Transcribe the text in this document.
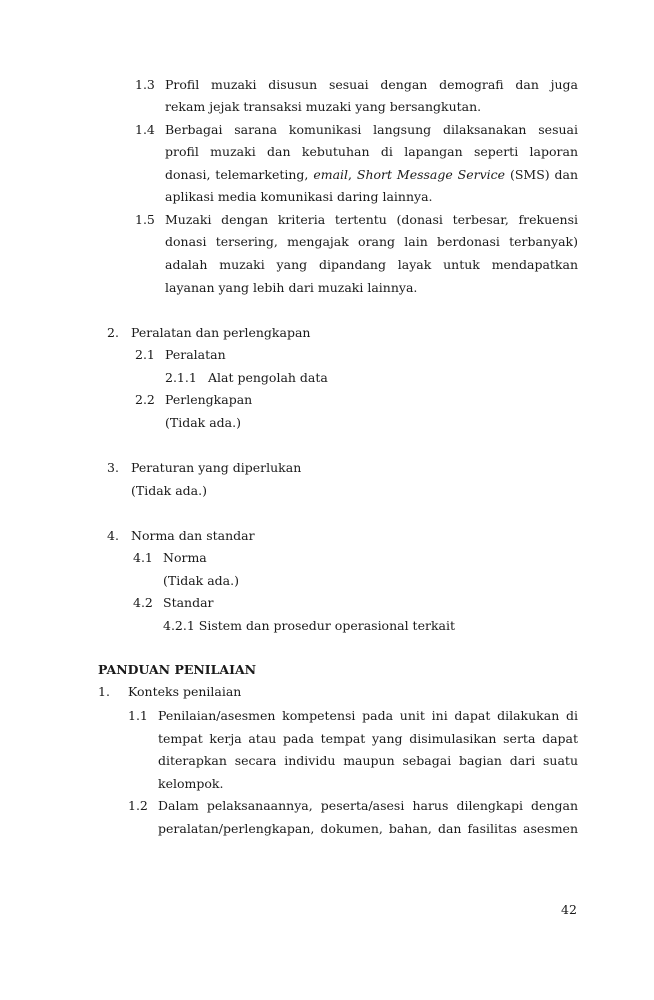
1.3 Profil muzaki disusun sesuai dengan demografi dan juga
rekam jejak transaksi muzaki yang bersangkutan.
1.4 Berbagai sarana komunikasi langsung dilaksanakan sesuai
profil muzaki dan kebutuhan di lapangan seperti laporan
donasi, telemarketing, email, Short Message Service (SMS) dan
aplikasi media komunikasi daring lainnya.
1.5 Muzaki dengan kriteria tertentu (donasi terbesar, frekuensi
donasi tersering, mengajak orang lain berdonasi terbanyak)
adalah muzaki yang dipandang layak untuk mendapatkan
layanan yang lebih dari muzaki lainnya.
2. Peralatan dan perlengkapan
2.1 Peralatan
2.1.1 Alat pengolah data
2.2 Perlengkapan
(Tidak ada.)
3. Peraturan yang diperlukan
(Tidak ada.)
4. Norma dan standar
4.1 Norma
(Tidak ada.)
4.2 Standar
4.2.1 Sistem dan prosedur operasional terkait
PANDUAN PENILAIAN
1. Konteks penilaian
1.1 Penilaian/asesmen kompetensi pada unit ini dapat dilakukan di
tempat kerja atau pada tempat yang disimulasikan serta dapat
diterapkan secara individu maupun sebagai bagian dari suatu
kelompok.
1.2 Dalam pelaksanaannya, peserta/asesi harus dilengkapi dengan
peralatan/perlengkapan, dokumen, bahan, dan fasilitas asesmen
42
